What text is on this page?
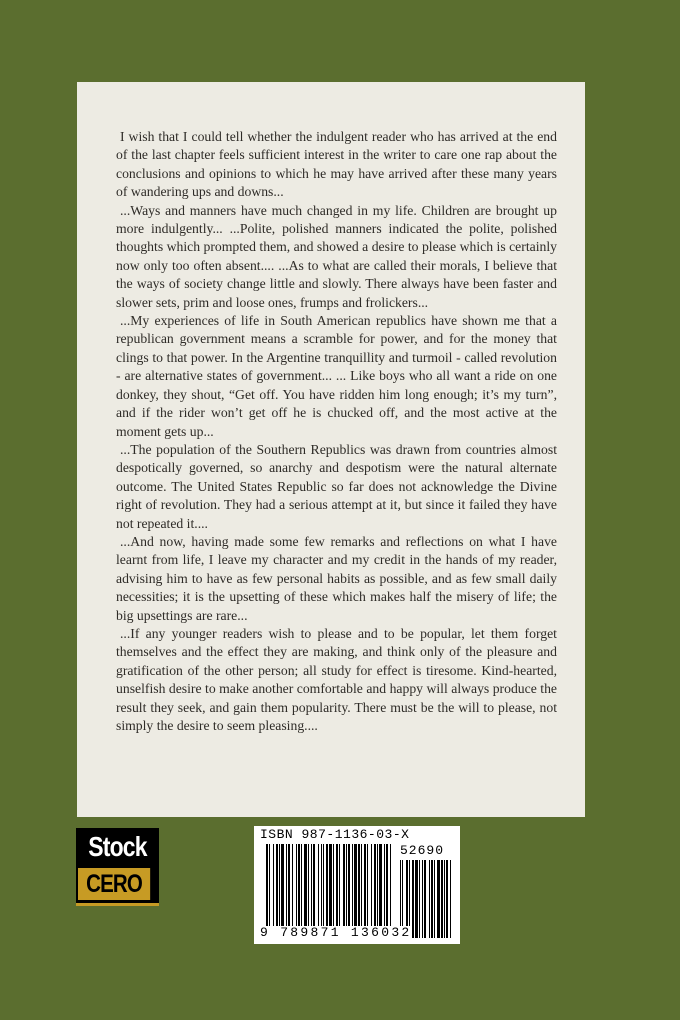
I wish that I could tell whether the indulgent reader who has arrived at the end of the last chapter feels sufficient interest in the writer to care one rap about the conclusions and opinions to which he may have arrived after these many years of wandering ups and downs...

...Ways and manners have much changed in my life. Children are brought up more indulgently... ...Polite, polished manners indicated the polite, polished thoughts which prompted them, and showed a desire to please which is certainly now only too often absent.... ...As to what are called their morals, I believe that the ways of society change little and slowly. There always have been faster and slower sets, prim and loose ones, frumps and frolickers...

...My experiences of life in South American republics have shown me that a republican government means a scramble for power, and for the money that clings to that power. In the Argentine tranquillity and turmoil - called revolution - are alternative states of government... ... Like boys who all want a ride on one donkey, they shout, “Get off. You have ridden him long enough; it’s my turn”, and if the rider won’t get off he is chucked off, and the most active at the moment gets up...

...The population of the Southern Republics was drawn from countries almost despotically governed, so anarchy and despotism were the natural alternate outcome. The United States Republic so far does not acknowledge the Divine right of revolution. They had a serious attempt at it, but since it failed they have not repeated it....

...And now, having made some few remarks and reflections on what I have learnt from life, I leave my character and my credit in the hands of my reader, advising him to have as few personal habits as possible, and as few small daily necessities; it is the upsetting of these which makes half the misery of life; the big upsettings are rare...

...If any younger readers wish to please and to be popular, let them forget themselves and the effect they are making, and think only of the pleasure and gratification of the other person; all study for effect is tiresome. Kind-hearted, unselfish desire to make another comfortable and happy will always produce the result they seek, and gain them popularity. There must be the will to please, not simply the desire to seem pleasing....

Stock
CERO
ISBN 987-1136-03-X
52690
9 789871 136032
